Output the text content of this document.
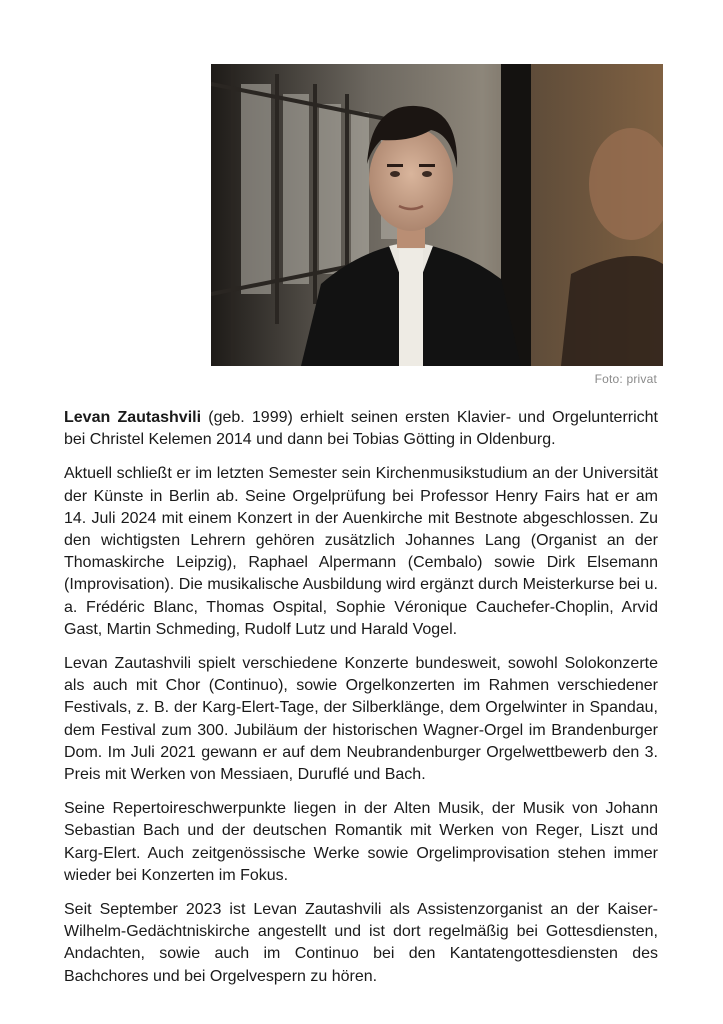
Foto: privat

Levan Zautashvili (geb. 1999) erhielt seinen ersten Klavier- und Orgelunterricht bei Christel Kelemen 2014 und dann bei Tobias Götting in Oldenburg.

Aktuell schließt er im letzten Semester sein Kirchenmusikstudium an der Universität der Künste in Berlin ab. Seine Orgelprüfung bei Professor Henry Fairs hat er am 14. Juli 2024 mit einem Konzert in der Auenkirche mit Bestnote abgeschlossen. Zu den wichtigsten Lehrern gehören zusätzlich Johannes Lang (Organist an der Thomaskirche Leipzig), Raphael Alpermann (Cembalo) sowie Dirk Elsemann (Improvisation). Die musikalische Ausbildung wird ergänzt durch Meisterkurse bei u. a. Frédéric Blanc, Thomas Ospital, Sophie Véronique Cauchefer-Choplin, Arvid Gast, Martin Schmeding, Rudolf Lutz und Harald Vogel.

Levan Zautashvili spielt verschiedene Konzerte bundesweit, sowohl Solokonzerte als auch mit Chor (Continuo), sowie Orgelkonzerten im Rahmen verschiedener Festivals, z. B. der Karg-Elert-Tage, der Silberklänge, dem Orgelwinter in Spandau, dem Festival zum 300. Jubiläum der historischen Wagner-Orgel im Brandenburger Dom. Im Juli 2021 gewann er auf dem Neubrandenburger Orgelwettbewerb den 3. Preis mit Werken von Messiaen, Duruflé und Bach.

Seine Repertoireschwerpunkte liegen in der Alten Musik, der Musik von Johann Sebastian Bach und der deutschen Romantik mit Werken von Reger, Liszt und Karg-Elert. Auch zeitgenössische Werke sowie Orgelimprovisation stehen immer wieder bei Konzerten im Fokus.

Seit September 2023 ist Levan Zautashvili als Assistenzorganist an der Kaiser-Wilhelm-Gedächtniskirche angestellt und ist dort regelmäßig bei Gottesdiensten, Andachten, sowie auch im Continuo bei den Kantatengottesdiensten des Bachchores und bei Orgelvespern zu hören.
